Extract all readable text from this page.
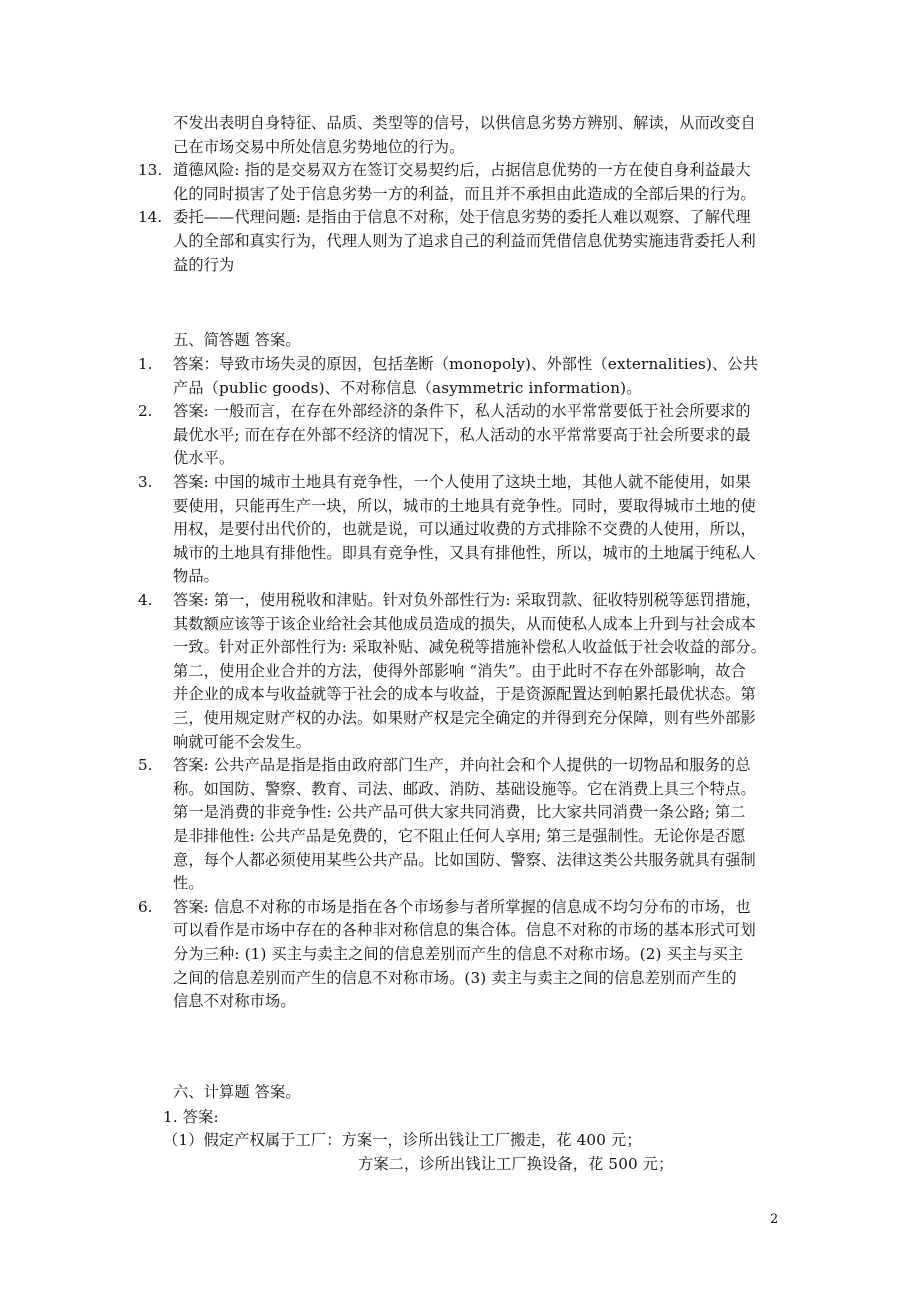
不发出表明自身特征、品质、类型等的信号，以供信息劣势方辨别、解读，从而改变自
己在市场交易中所处信息劣势地位的行为。
13. 道德风险: 指的是交易双方在签订交易契约后，占据信息优势的一方在使自身利益最大
化的同时损害了处于信息劣势一方的利益，而且并不承担由此造成的全部后果的行为。
14. 委托——代理问题: 是指由于信息不对称，处于信息劣势的委托人难以观察、了解代理
人的全部和真实行为，代理人则为了追求自己的利益而凭借信息优势实施违背委托人利
益的行为
五、简答题 答案。
1. 答案：导致市场失灵的原因，包括垄断（monopoly)、外部性（externalities)、公共
产品（public goods)、不对称信息（asymmetric information)。
2. 答案: 一般而言，在存在外部经济的条件下，私人活动的水平常常要低于社会所要求的
最优水平; 而在存在外部不经济的情况下，私人活动的水平常常要高于社会所要求的最
优水平。
3. 答案: 中国的城市土地具有竞争性，一个人使用了这块土地，其他人就不能使用，如果
要使用，只能再生产一块，所以，城市的土地具有竞争性。同时，要取得城市土地的使
用权，是要付出代价的，也就是说，可以通过收费的方式排除不交费的人使用，所以，
城市的土地具有排他性。即具有竞争性，又具有排他性，所以，城市的土地属于纯私人
物品。
4. 答案: 第一，使用税收和津贴。针对负外部性行为: 采取罚款、征收特别税等惩罚措施，
其数额应该等于该企业给社会其他成员造成的损失，从而使私人成本上升到与社会成本
一致。针对正外部性行为: 采取补贴、减免税等措施补偿私人收益低于社会收益的部分。
第二，使用企业合并的方法，使得外部影响 “消失”。由于此时不存在外部影响，故合
并企业的成本与收益就等于社会的成本与收益，于是资源配置达到帕累托最优状态。第
三，使用规定财产权的办法。如果财产权是完全确定的并得到充分保障，则有些外部影
响就可能不会发生。
5. 答案: 公共产品是指是指由政府部门生产，并向社会和个人提供的一切物品和服务的总
称。如国防、警察、教育、司法、邮政、消防、基础设施等。它在消费上具三个特点。
第一是消费的非竞争性: 公共产品可供大家共同消费，比大家共同消费一条公路; 第二
是非排他性: 公共产品是免费的，它不阻止任何人享用; 第三是强制性。无论你是否愿
意，每个人都必须使用某些公共产品。比如国防、警察、法律这类公共服务就具有强制
性。
6. 答案: 信息不对称的市场是指在各个市场参与者所掌握的信息成不均匀分布的市场，也
可以看作是市场中存在的各种非对称信息的集合体。信息不对称的市场的基本形式可划
分为三种: (1) 买主与卖主之间的信息差别而产生的信息不对称市场。(2) 买主与买主
之间的信息差别而产生的信息不对称市场。(3) 卖主与卖主之间的信息差别而产生的
信息不对称市场。
六、计算题 答案。
1. 答案:
（1）假定产权属于工厂：方案一，诊所出钱让工厂搬走，花 400 元；
方案二，诊所出钱让工厂换设备，花 500 元；
2
